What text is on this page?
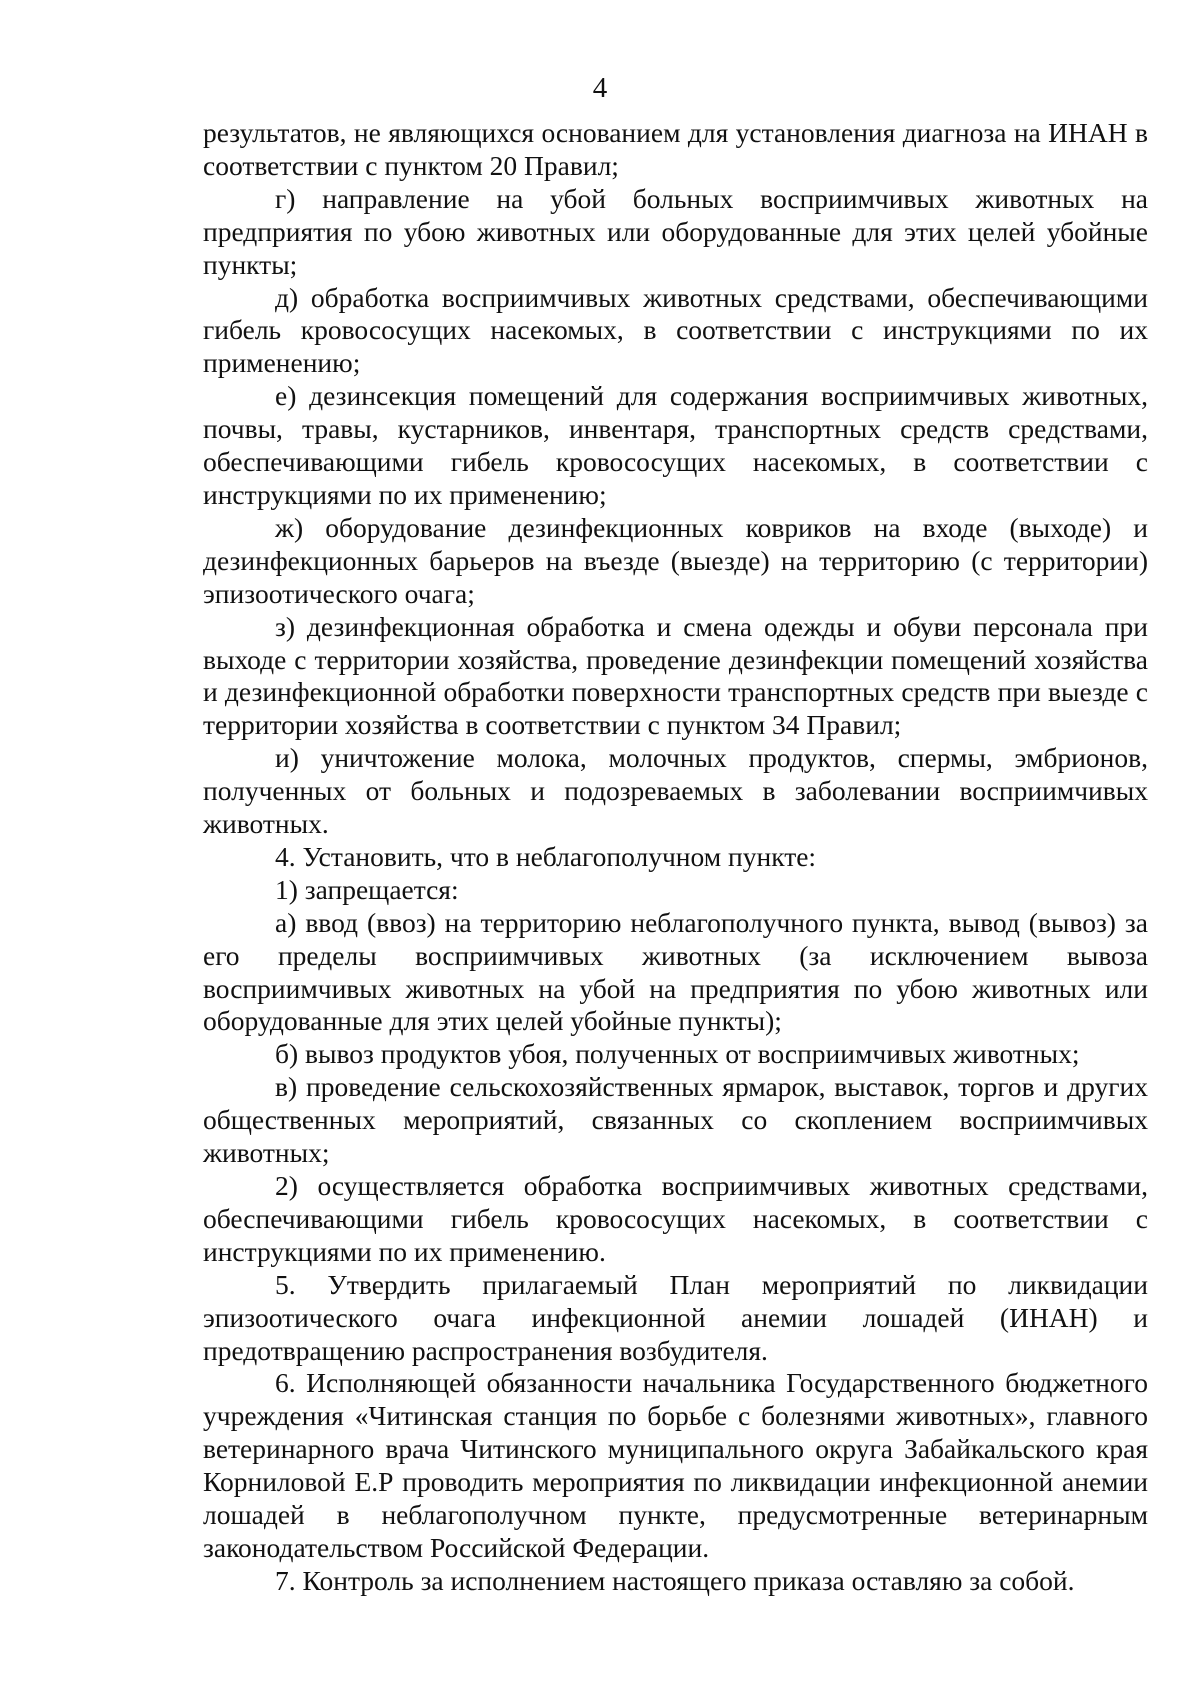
4

результатов, не являющихся основанием для установления диагноза на ИНАН в соответствии с пунктом 20 Правил;

г) направление на убой больных восприимчивых животных на предприятия по убою животных или оборудованные для этих целей убойные пункты;

д) обработка восприимчивых животных средствами, обеспечивающими гибель кровососущих насекомых, в соответствии с инструкциями по их применению;

е) дезинсекция помещений для содержания восприимчивых животных, почвы, травы, кустарников, инвентаря, транспортных средств средствами, обеспечивающими гибель кровососущих насекомых, в соответствии с инструкциями по их применению;

ж) оборудование дезинфекционных ковриков на входе (выходе) и дезинфекционных барьеров на въезде (выезде) на территорию (с территории) эпизоотического очага;

з) дезинфекционная обработка и смена одежды и обуви персонала при выходе с территории хозяйства, проведение дезинфекции помещений хозяйства и дезинфекционной обработки поверхности транспортных средств при выезде с территории хозяйства в соответствии с пунктом 34 Правил;

и) уничтожение молока, молочных продуктов, спермы, эмбрионов, полученных от больных и подозреваемых в заболевании восприимчивых животных.

4. Установить, что в неблагополучном пункте:

1) запрещается:

а) ввод (ввоз) на территорию неблагополучного пункта, вывод (вывоз) за его пределы восприимчивых животных (за исключением вывоза восприимчивых животных на убой на предприятия по убою животных или оборудованные для этих целей убойные пункты);

б) вывоз продуктов убоя, полученных от восприимчивых животных;

в) проведение сельскохозяйственных ярмарок, выставок, торгов и других общественных мероприятий, связанных со скоплением восприимчивых животных;

2) осуществляется обработка восприимчивых животных средствами, обеспечивающими гибель кровососущих насекомых, в соответствии с инструкциями по их применению.

5. Утвердить прилагаемый План мероприятий по ликвидации эпизоотического очага инфекционной анемии лошадей (ИНАН) и предотвращению распространения возбудителя.

6. Исполняющей обязанности начальника Государственного бюджетного учреждения «Читинская станция по борьбе с болезнями животных», главного ветеринарного врача Читинского муниципального округа Забайкальского края Корниловой Е.Р проводить мероприятия по ликвидации инфекционной анемии лошадей в неблагополучном пункте, предусмотренные ветеринарным законодательством Российской Федерации.

7. Контроль за исполнением настоящего приказа оставляю за собой.
